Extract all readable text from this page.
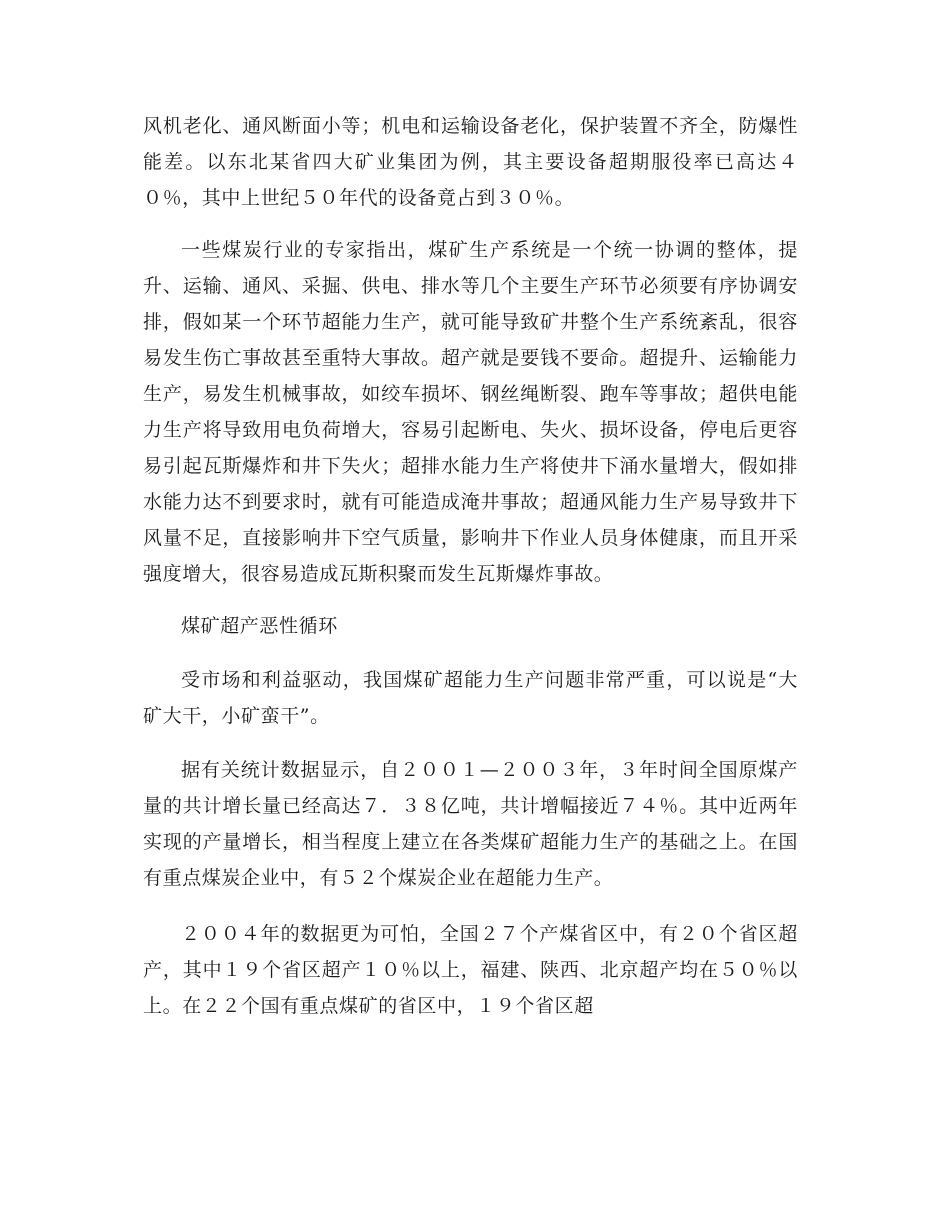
风机老化、通风断面小等；机电和运输设备老化，保护装置不齐全，防爆性能差。以东北某省四大矿业集团为例，其主要设备超期服役率已高达４０％，其中上世纪５０年代的设备竟占到３０％。

一些煤炭行业的专家指出，煤矿生产系统是一个统一协调的整体，提升、运输、通风、采掘、供电、排水等几个主要生产环节必须要有序协调安排，假如某一个环节超能力生产，就可能导致矿井整个生产系统紊乱，很容易发生伤亡事故甚至重特大事故。超产就是要钱不要命。超提升、运输能力生产，易发生机械事故，如绞车损坏、钢丝绳断裂、跑车等事故；超供电能力生产将导致用电负荷增大，容易引起断电、失火、损坏设备，停电后更容易引起瓦斯爆炸和井下失火；超排水能力生产将使井下涌水量增大，假如排水能力达不到要求时，就有可能造成淹井事故；超通风能力生产易导致井下风量不足，直接影响井下空气质量，影响井下作业人员身体健康，而且开采强度增大，很容易造成瓦斯积聚而发生瓦斯爆炸事故。

煤矿超产恶性循环

受市场和利益驱动，我国煤矿超能力生产问题非常严重，可以说是“大矿大干，小矿蛮干”。

据有关统计数据显示，自２００１—２００３年，３年时间全国原煤产量的共计增长量已经高达７．３８亿吨，共计增幅接近７４％。其中近两年实现的产量增长，相当程度上建立在各类煤矿超能力生产的基础之上。在国有重点煤炭企业中，有５２个煤炭企业在超能力生产。

２００４年的数据更为可怕，全国２７个产煤省区中，有２０个省区超产，其中１９个省区超产１０％以上，福建、陕西、北京超产均在５０％以上。在２２个国有重点煤矿的省区中，１９个省区超
